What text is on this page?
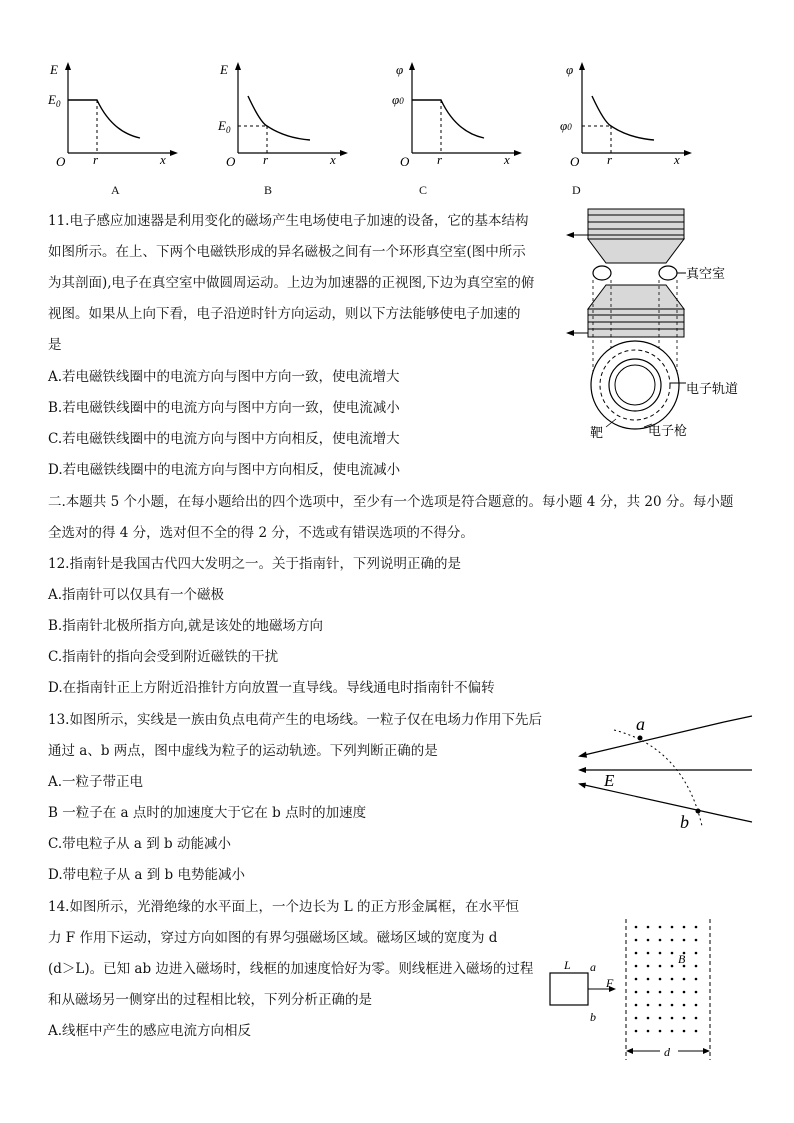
E
$E_0$
O r	x
A
E
$E_0$
O r	x
B
φ
φ0
O r	x
C
φ
φ0
O r	x
D
11.电子感应加速器是利用变化的磁场产生电场使电子加速的设备，它的基本结构
如图所示。在上、下两个电磁铁形成的异名磁极之间有一个环形真空室(图中所示
为其剖面),电子在真空室中做圆周运动。上边为加速器的正视图,下边为真空室的俯
视图。如果从上向下看，电子沿逆时针方向运动，则以下方法能够使电子加速的
是
A.若电磁铁线圈中的电流方向与图中方向一致，使电流增大
B.若电磁铁线圈中的电流方向与图中方向一致，使电流减小
C.若电磁铁线圈中的电流方向与图中方向相反，使电流增大
D.若电磁铁线圈中的电流方向与图中方向相反，使电流减小
真空室
电子轨道
靶	电子枪
二.本题共 5 个小题，在每小题给出的四个选项中，至少有一个选项是符合题意的。每小题 4 分，共 20 分。每小题
全选对的得 4 分，选对但不全的得 2 分，不选或有错误选项的不得分。
12.指南针是我国古代四大发明之一。关于指南针，下列说明正确的是
A.指南针可以仅具有一个磁极
B.指南针北极所指方向,就是该处的地磁场方向
C.指南针的指向会受到附近磁铁的干扰
D.在指南针正上方附近沿推针方向放置一直导线。导线通电时指南针不偏转
13.如图所示，实线是一族由负点电荷产生的电场线。一粒子仅在电场力作用下先后
通过 a、b 两点，图中虚线为粒子的运动轨迹。下列判断正确的是
A.一粒子带正电
B 一粒子在 a 点时的加速度大于它在 b 点时的加速度
C.带电粒子从 a 到 b 动能减小
D.带电粒子从 a 到 b 电势能减小
a
b
E
14.如图所示，光滑绝缘的水平面上，一个边长为 L 的正方形金属框，在水平恒
力 F 作用下运动，穿过方向如图的有界匀强磁场区域。磁场区域的宽度为 d
(d＞L)。已知 ab 边进入磁场时，线框的加速度恰好为零。则线框进入磁场的过程
和从磁场另一侧穿出的过程相比较，下列分析正确的是
A.线框中产生的感应电流方向相反
L a
F
b
B
d
